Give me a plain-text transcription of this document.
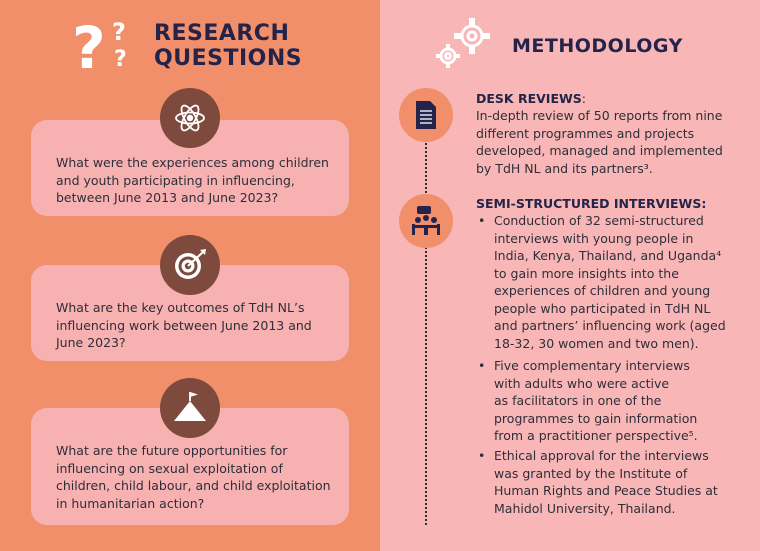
? ?
?
RESEARCH
QUESTIONS
What were the experiences among children and youth participating in influencing, between June 2013 and June 2023?
What are the key outcomes of TdH NL’s influencing work between June 2013 and June 2023?
What are the future opportunities for influencing on sexual exploitation of children, child labour, and child exploitation in humanitarian action?
METHODOLOGY
DESK REVIEWS:
In-depth review of 50 reports from nine
different programmes and projects
developed, managed and implemented
by TdH NL and its partners³.
SEMI-STRUCTURED INTERVIEWS:
• Conduction of 32 semi-structured
interviews with young people in
India, Kenya, Thailand, and Uganda⁴
to gain more insights into the
experiences of children and young
people who participated in TdH NL
and partners’ influencing work (aged
18-32, 30 women and two men).
• Five complementary interviews
with adults who were active
as facilitators in one of the
programmes to gain information
from a practitioner perspective⁵.
• Ethical approval for the interviews
was granted by the Institute of
Human Rights and Peace Studies at
Mahidol University, Thailand.
